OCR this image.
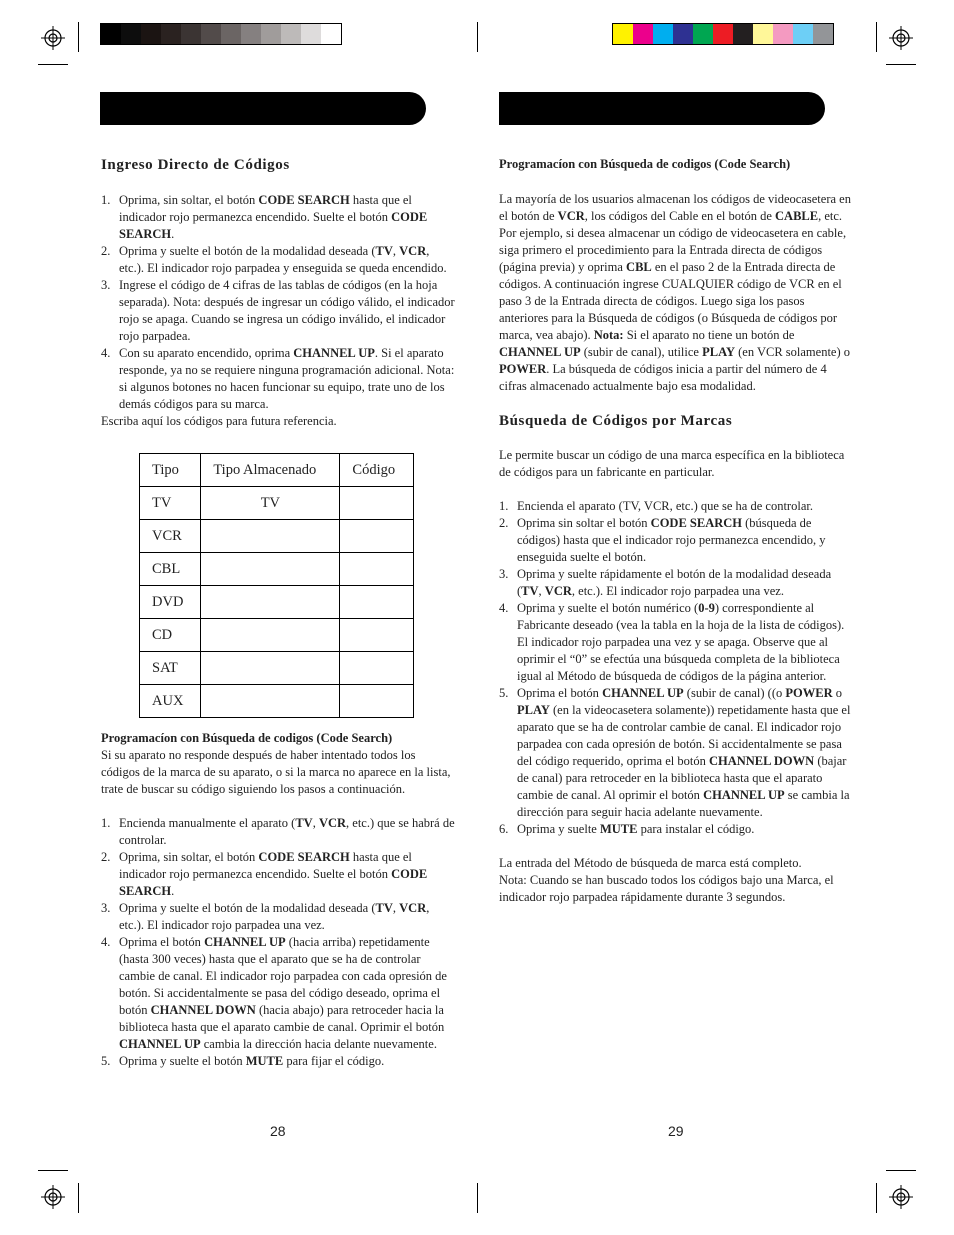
Ingreso Directo de Códigos

1. Oprima, sin soltar, el botón CODE SEARCH hasta que el indicador rojo permanezca encendido. Suelte el botón CODE SEARCH.
2. Oprima y suelte el botón de la modalidad deseada (TV, VCR, etc.). El indicador rojo parpadea y enseguida se queda encendido.
3. Ingrese el código de 4 cifras de las tablas de códigos (en la hoja separada). Nota: después de ingresar un código válido, el indicador rojo se apaga. Cuando se ingresa un código inválido, el indicador rojo parpadea.
4. Con su aparato encendido, oprima CHANNEL UP. Si el aparato responde, ya no se requiere ninguna programación adicional. Nota: si algunos botones no hacen funcionar su equipo, trate uno de los demás códigos para su marca.

Escriba aquí los códigos para futura referencia.

Tipo	Tipo Almacenado	Código
TV	TV	
VCR		
CBL		
DVD		
CD		
SAT		
AUX		

Programacíon con Búsqueda de codigos (Code Search)

Si su aparato no responde después de haber intentado todos los códigos de la marca de su aparato, o si la marca no aparece en la lista, trate de buscar su código siguiendo los pasos a continuación.

1. Encienda manualmente el aparato (TV, VCR, etc.) que se habrá de controlar.
2. Oprima, sin soltar, el botón CODE SEARCH hasta que el indicador rojo permanezca encendido. Suelte el botón CODE SEARCH.
3. Oprima y suelte el botón de la modalidad deseada (TV, VCR, etc.). El indicador rojo parpadea una vez.
4. Oprima el botón CHANNEL UP (hacia arriba) repetidamente (hasta 300 veces) hasta que el aparato que se ha de controlar cambie de canal. El indicador rojo parpadea con cada opresión de botón. Si accidentalmente se pasa del código deseado, oprima el botón CHANNEL DOWN (hacia abajo) para retroceder hacia la biblioteca hasta que el aparato cambie de canal. Oprimir el botón CHANNEL UP cambia la dirección hacia delante nuevamente.
5. Oprima y suelte el botón MUTE para fijar el código.
28

Programacíon con Búsqueda de codigos (Code Search)

La mayoría de los usuarios almacenan los códigos de videocasetera en el botón de VCR, los códigos del Cable en el botón de CABLE, etc. Por ejemplo, si desea almacenar un código de videocasetera en cable, siga primero el procedimiento para la Entrada directa de códigos (página previa) y oprima CBL en el paso 2 de la Entrada directa de códigos. A continuación ingrese CUALQUIER código de VCR en el paso 3 de la Entrada directa de códigos. Luego siga los pasos anteriores para la Búsqueda de códigos (o Búsqueda de códigos por marca, vea abajo). Nota: Si el aparato no tiene un botón de CHANNEL UP (subir de canal), utilice PLAY (en VCR solamente) o POWER. La búsqueda de códigos inicia a partir del número de 4 cifras almacenado actualmente bajo esa modalidad.

Búsqueda de Códigos por Marcas

Le permite buscar un código de una marca específica en la biblioteca de códigos para un fabricante en particular.

1. Encienda el aparato (TV, VCR, etc.) que se ha de controlar.
2. Oprima sin soltar el botón CODE SEARCH (búsqueda de códigos) hasta que el indicador rojo permanezca encendido, y enseguida suelte el botón.
3. Oprima y suelte rápidamente el botón de la modalidad deseada (TV, VCR, etc.). El indicador rojo parpadea una vez.
4. Oprima y suelte el botón numérico (0-9) correspondiente al Fabricante deseado (vea la tabla en la hoja de la lista de códigos). El indicador rojo parpadea una vez y se apaga. Observe que al oprimir el “0” se efectúa una búsqueda completa de la biblioteca igual al Método de búsqueda de códigos de la página anterior.
5. Oprima el botón CHANNEL UP (subir de canal) ((o POWER o PLAY (en la videocasetera solamente)) repetidamente hasta que el aparato que se ha de controlar cambie de canal. El indicador rojo parpadea con cada opresión de botón. Si accidentalmente se pasa del código requerido, oprima el botón CHANNEL DOWN (bajar de canal) para retroceder en la biblioteca hasta que el aparato cambie de canal. Al oprimir el botón CHANNEL UP se cambia la dirección para seguir hacia adelante nuevamente.
6. Oprima y suelte MUTE para instalar el código.

La entrada del Método de búsqueda de marca está completo.

Nota: Cuando se han buscado todos los códigos bajo una Marca, el indicador rojo parpadea rápidamente durante 3 segundos.

29
